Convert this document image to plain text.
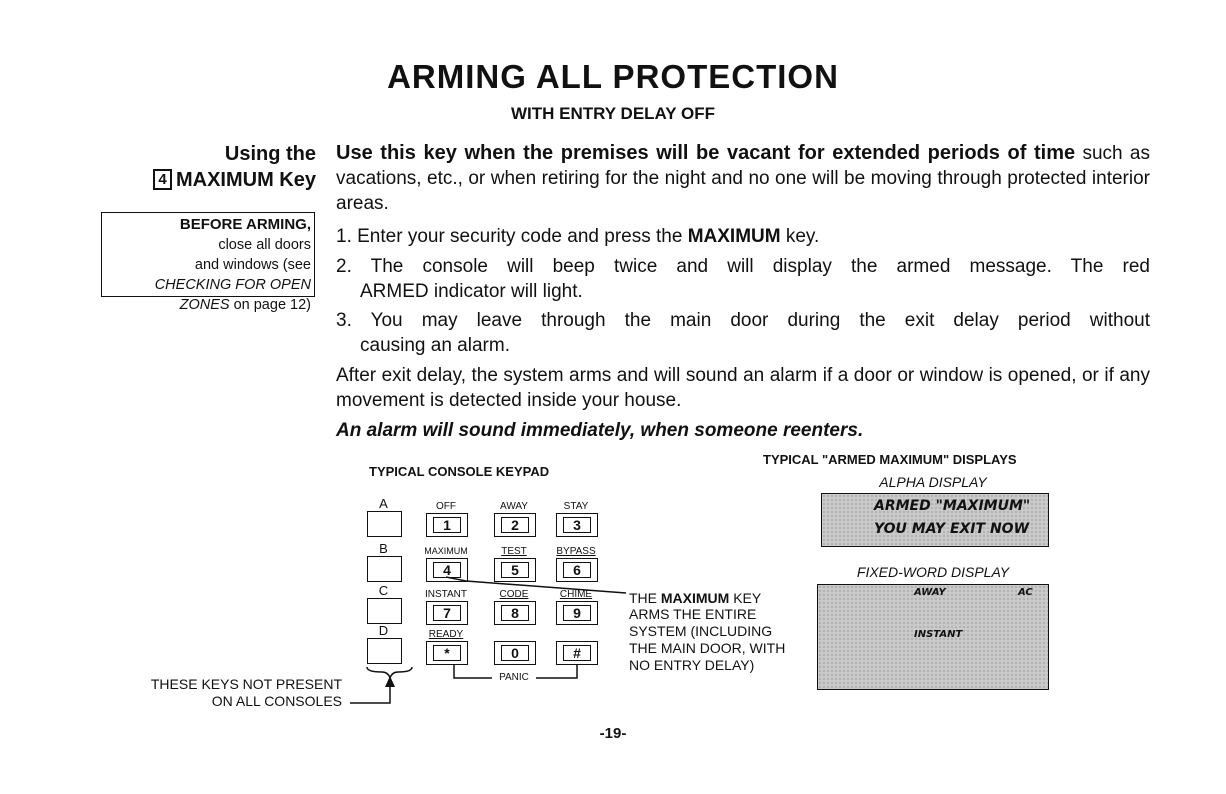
ARMING ALL PROTECTION
WITH ENTRY DELAY OFF
Using the
4 MAXIMUM Key
BEFORE ARMING,
close all doors
and windows (see
CHECKING FOR OPEN
ZONES on page 12)
Use this key when the premises will be vacant for extended periods of time such as vacations, etc., or when retiring for the night and no one will be moving through protected interior areas.
1. Enter your security code and press the MAXIMUM key.
2. The console will beep twice and will display the armed message. The red
ARMED indicator will light.
3. You may leave through the main door during the exit delay period without
causing an alarm.
After exit delay, the system arms and will sound an alarm if a door or window is opened, or if any movement is detected inside your house.
An alarm will sound immediately, when someone reenters.
TYPICAL CONSOLE KEYPAD
A
B
C
D
OFF	AWAY	STAY
1	2	3
MAXIMUM	TEST	BYPASS
4	5	6
INSTANT	CODE	CHIME
7	8	9
READY
*	0	#
PANIC
THESE KEYS NOT PRESENT
ON ALL CONSOLES
THE MAXIMUM KEY
ARMS THE ENTIRE
SYSTEM (INCLUDING
THE MAIN DOOR, WITH
NO ENTRY DELAY)
TYPICAL "ARMED MAXIMUM" DISPLAYS
ALPHA DISPLAY
ARMED "MAXIMUM"
YOU MAY EXIT NOW
FIXED-WORD DISPLAY
AWAY	AC
INSTANT
-19-
